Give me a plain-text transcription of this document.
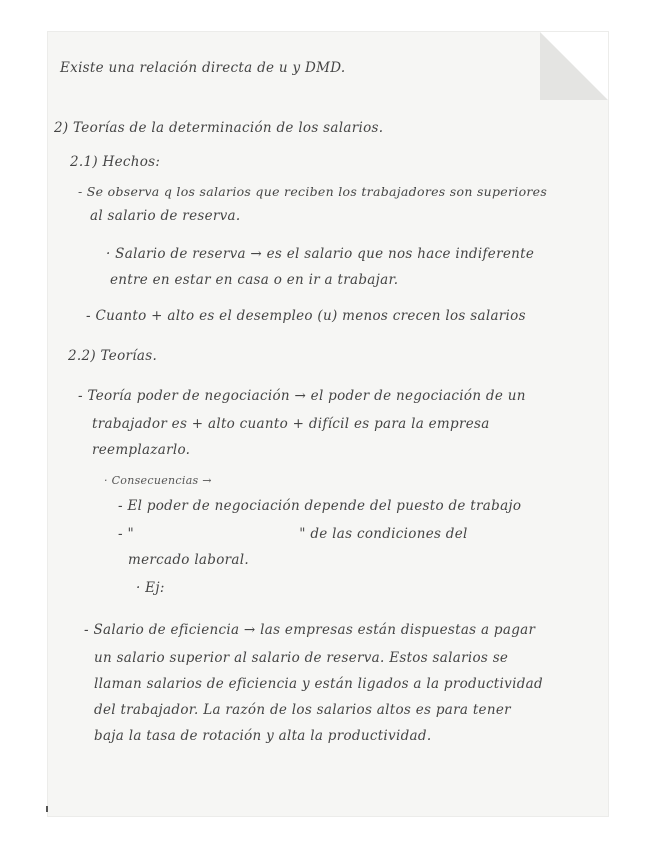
Existe una relación directa de u y DMD.
2) Teorías de la determinación de los salarios.
2.1) Hechos:
- Se observa q los salarios que reciben los trabajadores son superiores
al salario de reserva.
· Salario de reserva → es el salario que nos hace indiferente
entre en estar en casa o en ir a trabajar.
- Cuanto + alto es el desempleo (u) menos crecen los salarios
2.2) Teorías.
- Teoría poder de negociación → el poder de negociación de un
trabajador es + alto cuanto + difícil es para la empresa
reemplazarlo.
· Consecuencias →
- El poder de negociación depende del puesto de trabajo
- "                                    " de las condiciones del
mercado laboral.
· Ej:
- Salario de eficiencia → las empresas están dispuestas a pagar
un salario superior al salario de reserva. Estos salarios se
llaman salarios de eficiencia y están ligados a la productividad
del trabajador. La razón de los salarios altos es para tener
baja la tasa de rotación y alta la productividad.
